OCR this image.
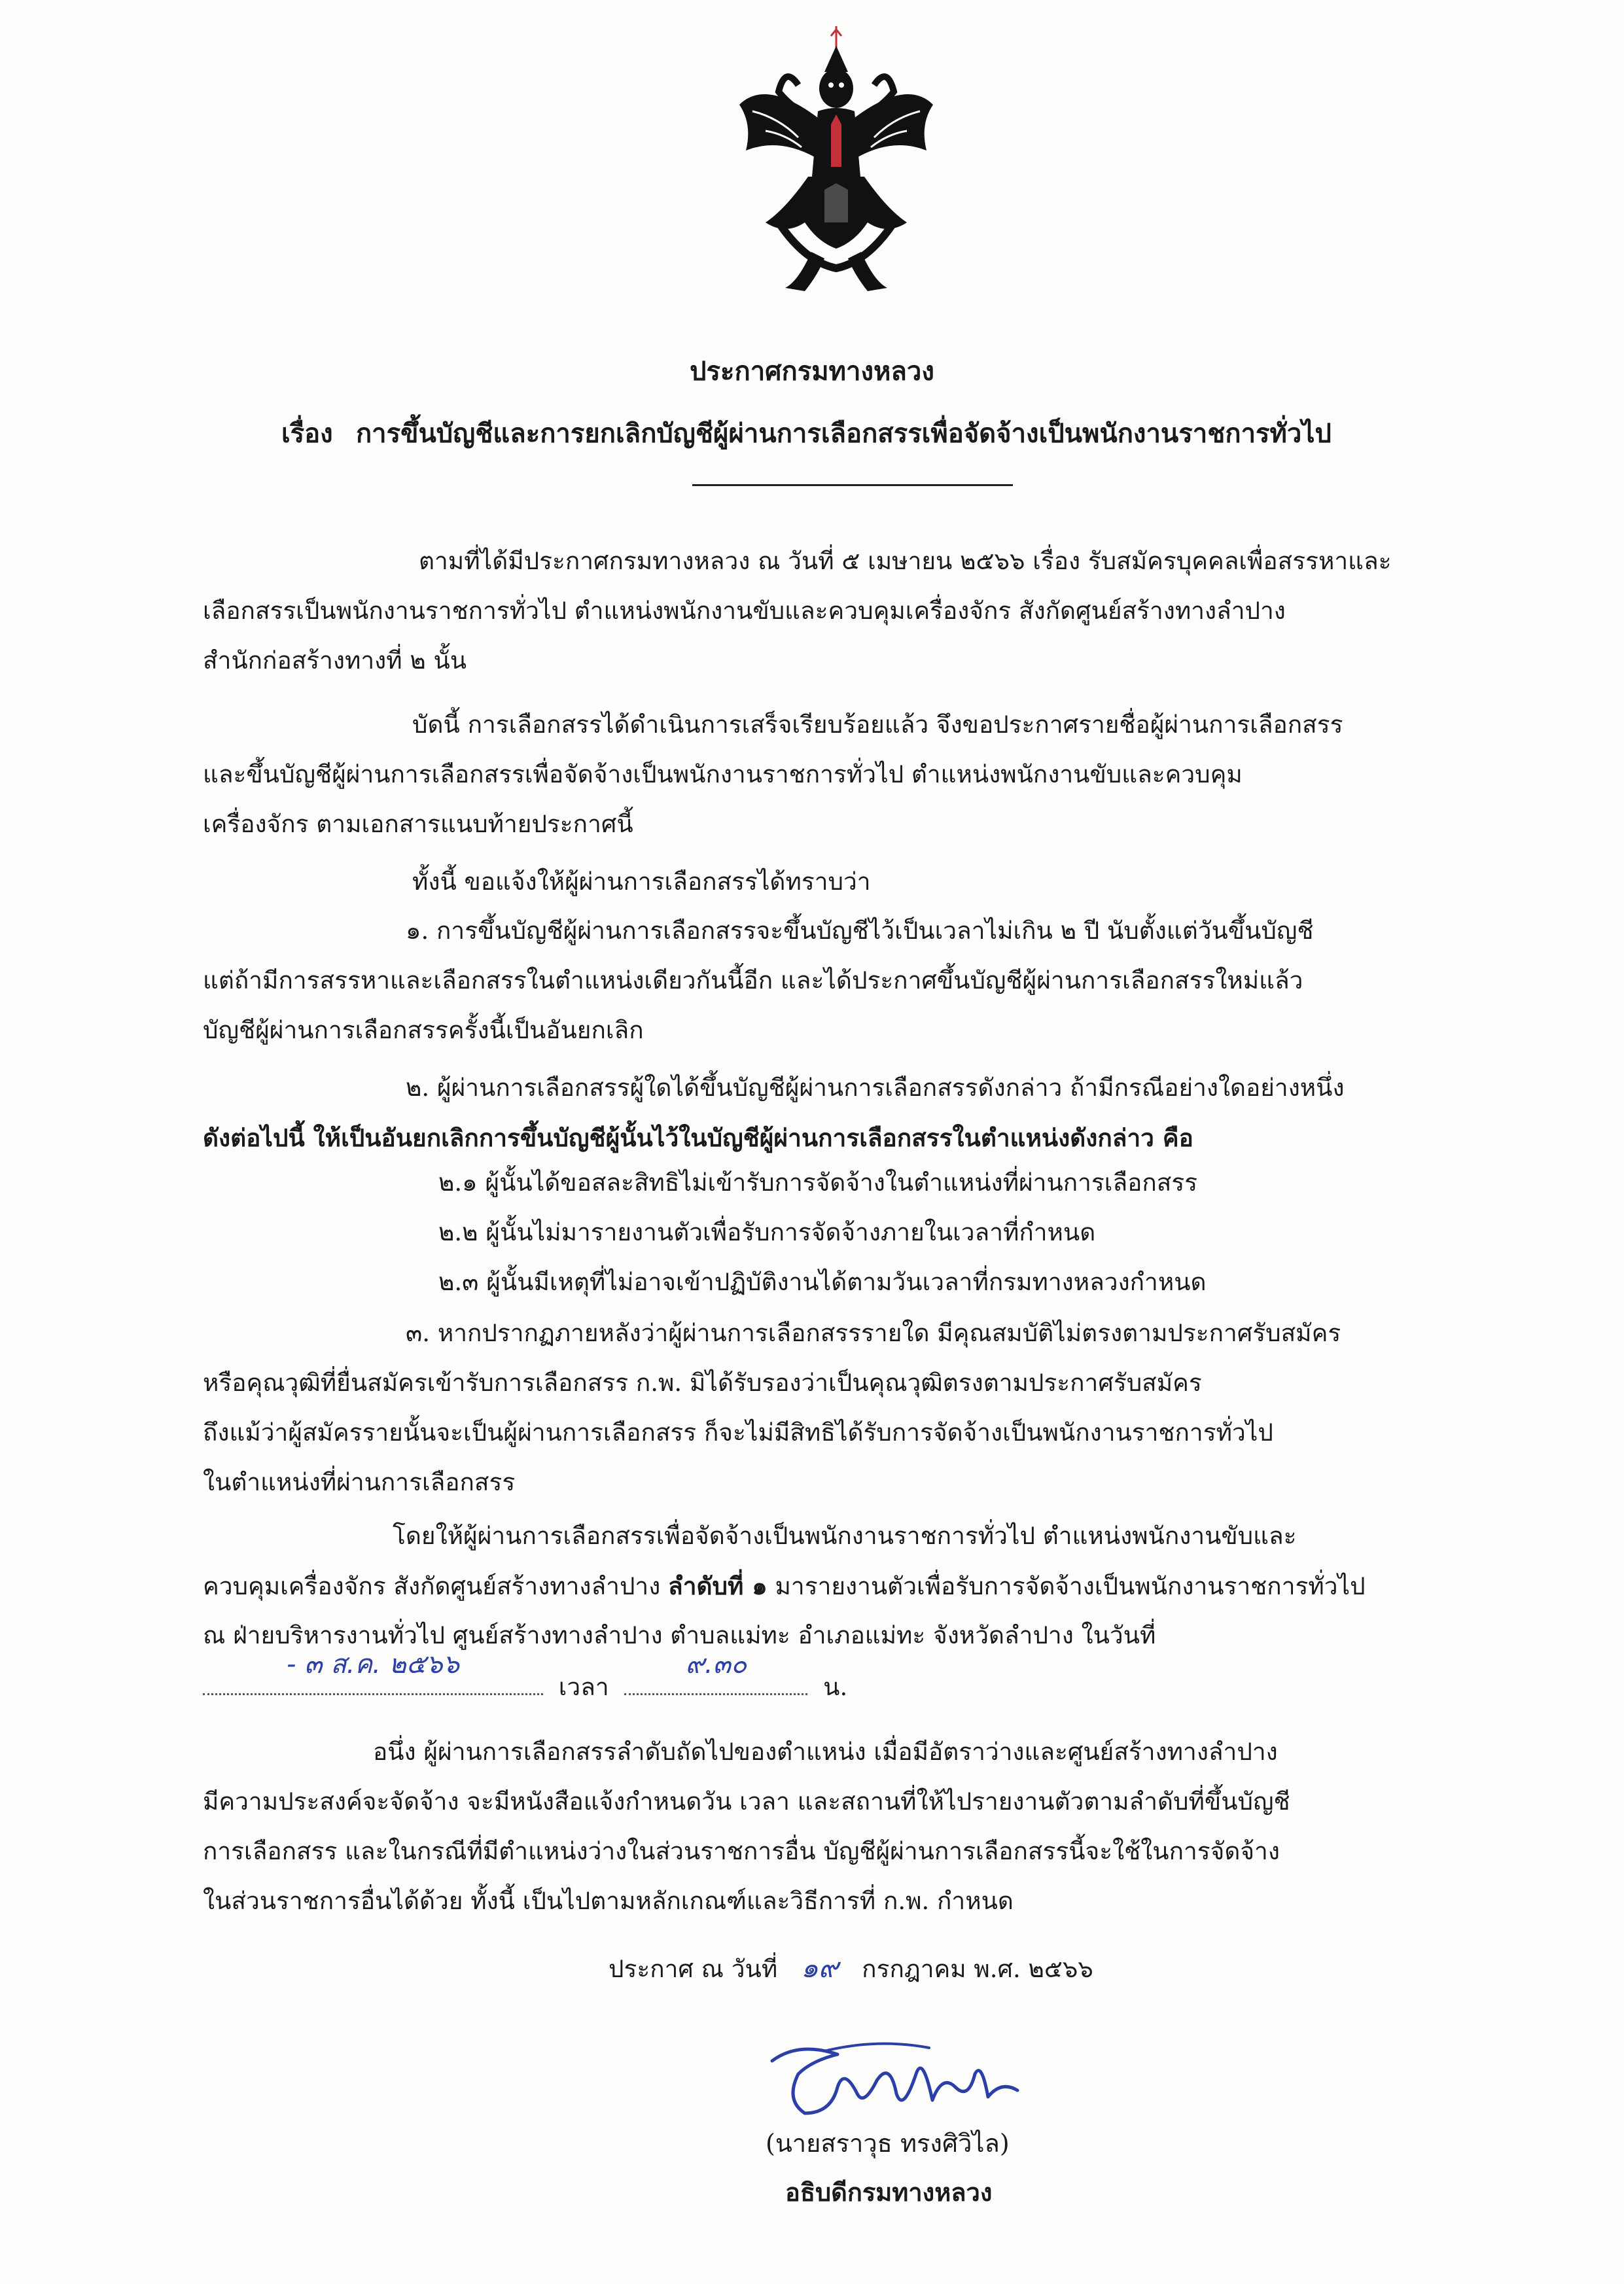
ประกาศกรมทางหลวง
เรื่อง การขึ้นบัญชีและการยกเลิกบัญชีผู้ผ่านการเลือกสรรเพื่อจัดจ้างเป็นพนักงานราชการทั่วไป
ตามที่ได้มีประกาศกรมทางหลวง ณ วันที่ ๕ เมษายน ๒๕๖๖ เรื่อง รับสมัครบุคคลเพื่อสรรหาและ
เลือกสรรเป็นพนักงานราชการทั่วไป ตำแหน่งพนักงานขับและควบคุมเครื่องจักร สังกัดศูนย์สร้างทางลำปาง
สำนักก่อสร้างทางที่ ๒ นั้น
บัดนี้ การเลือกสรรได้ดำเนินการเสร็จเรียบร้อยแล้ว จึงขอประกาศรายชื่อผู้ผ่านการเลือกสรร
และขึ้นบัญชีผู้ผ่านการเลือกสรรเพื่อจัดจ้างเป็นพนักงานราชการทั่วไป ตำแหน่งพนักงานขับและควบคุม
เครื่องจักร ตามเอกสารแนบท้ายประกาศนี้
ทั้งนี้ ขอแจ้งให้ผู้ผ่านการเลือกสรรได้ทราบว่า
๑. การขึ้นบัญชีผู้ผ่านการเลือกสรรจะขึ้นบัญชีไว้เป็นเวลาไม่เกิน ๒ ปี นับตั้งแต่วันขึ้นบัญชี
แต่ถ้ามีการสรรหาและเลือกสรรในตำแหน่งเดียวกันนี้อีก และได้ประกาศขึ้นบัญชีผู้ผ่านการเลือกสรรใหม่แล้ว
บัญชีผู้ผ่านการเลือกสรรครั้งนี้เป็นอันยกเลิก
๒. ผู้ผ่านการเลือกสรรผู้ใดได้ขึ้นบัญชีผู้ผ่านการเลือกสรรดังกล่าว ถ้ามีกรณีอย่างใดอย่างหนึ่ง
ดังต่อไปนี้ ให้เป็นอันยกเลิกการขึ้นบัญชีผู้นั้นไว้ในบัญชีผู้ผ่านการเลือกสรรในตำแหน่งดังกล่าว คือ
๒.๑ ผู้นั้นได้ขอสละสิทธิไม่เข้ารับการจัดจ้างในตำแหน่งที่ผ่านการเลือกสรร
๒.๒ ผู้นั้นไม่มารายงานตัวเพื่อรับการจัดจ้างภายในเวลาที่กำหนด
๒.๓ ผู้นั้นมีเหตุที่ไม่อาจเข้าปฏิบัติงานได้ตามวันเวลาที่กรมทางหลวงกำหนด
๓. หากปรากฏภายหลังว่าผู้ผ่านการเลือกสรรรายใด มีคุณสมบัติไม่ตรงตามประกาศรับสมัคร
หรือคุณวุฒิที่ยื่นสมัครเข้ารับการเลือกสรร ก.พ. มิได้รับรองว่าเป็นคุณวุฒิตรงตามประกาศรับสมัคร
ถึงแม้ว่าผู้สมัครรายนั้นจะเป็นผู้ผ่านการเลือกสรร ก็จะไม่มีสิทธิได้รับการจัดจ้างเป็นพนักงานราชการทั่วไป
ในตำแหน่งที่ผ่านการเลือกสรร
โดยให้ผู้ผ่านการเลือกสรรเพื่อจัดจ้างเป็นพนักงานราชการทั่วไป ตำแหน่งพนักงานขับและ
ควบคุมเครื่องจักร สังกัดศูนย์สร้างทางลำปาง ลำดับที่ ๑ มารายงานตัวเพื่อรับการจัดจ้างเป็นพนักงานราชการทั่วไป
ณ ฝ่ายบริหารงานทั่วไป ศูนย์สร้างทางลำปาง ตำบลแม่ทะ อำเภอแม่ทะ จังหวัดลำปาง ในวันที่
- ๓ ส.ค. ๒๕๖๖
เวลา
๙.๓๐
น.
อนึ่ง ผู้ผ่านการเลือกสรรลำดับถัดไปของตำแหน่ง เมื่อมีอัตราว่างและศูนย์สร้างทางลำปาง
มีความประสงค์จะจัดจ้าง จะมีหนังสือแจ้งกำหนดวัน เวลา และสถานที่ให้ไปรายงานตัวตามลำดับที่ขึ้นบัญชี
การเลือกสรร และในกรณีที่มีตำแหน่งว่างในส่วนราชการอื่น บัญชีผู้ผ่านการเลือกสรรนี้จะใช้ในการจัดจ้าง
ในส่วนราชการอื่นได้ด้วย ทั้งนี้ เป็นไปตามหลักเกณฑ์และวิธีการที่ ก.พ. กำหนด
ประกาศ ณ วันที่ ๑๙ กรกฎาคม พ.ศ. ๒๕๖๖
(นายสราวุธ ทรงศิวิไล)
อธิบดีกรมทางหลวง
